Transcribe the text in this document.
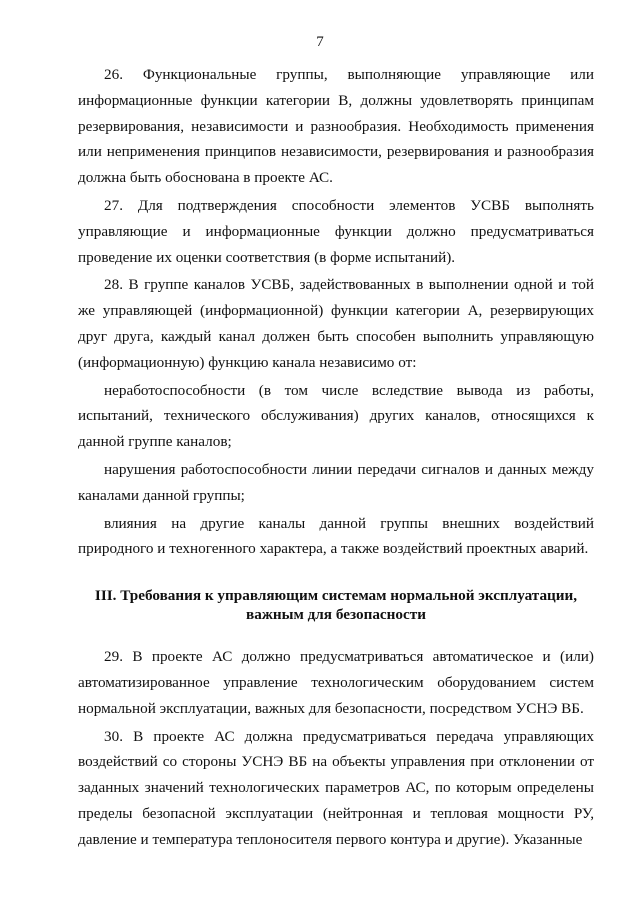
7

26. Функциональные группы, выполняющие управляющие или информационные функции категории В, должны удовлетворять принципам резервирования, независимости и разнообразия. Необходимость применения или неприменения принципов независимости, резервирования и разнообразия должна быть обоснована в проекте АС.

27. Для подтверждения способности элементов УСВБ выполнять управляющие и информационные функции должно предусматриваться проведение их оценки соответствия (в форме испытаний).

28. В группе каналов УСВБ, задействованных в выполнении одной и той же управляющей (информационной) функции категории А, резервирующих друг друга, каждый канал должен быть способен выполнить управляющую (информационную) функцию канала независимо от:

неработоспособности (в том числе вследствие вывода из работы, испытаний, технического обслуживания) других каналов, относящихся к данной группе каналов;

нарушения работоспособности линии передачи сигналов и данных между каналами данной группы;

влияния на другие каналы данной группы внешних воздействий природного и техногенного характера, а также воздействий проектных аварий.

III. Требования к управляющим системам нормальной эксплуатации,
важным для безопасности

29. В проекте АС должно предусматриваться автоматическое и (или) автоматизированное управление технологическим оборудованием систем нормальной эксплуатации, важных для безопасности, посредством УСНЭ ВБ.

30. В проекте АС должна предусматриваться передача управляющих воздействий со стороны УСНЭ ВБ на объекты управления при отклонении от заданных значений технологических параметров АС, по которым определены пределы безопасной эксплуатации (нейтронная и тепловая мощности РУ, давление и температура теплоносителя первого контура и другие). Указанные
